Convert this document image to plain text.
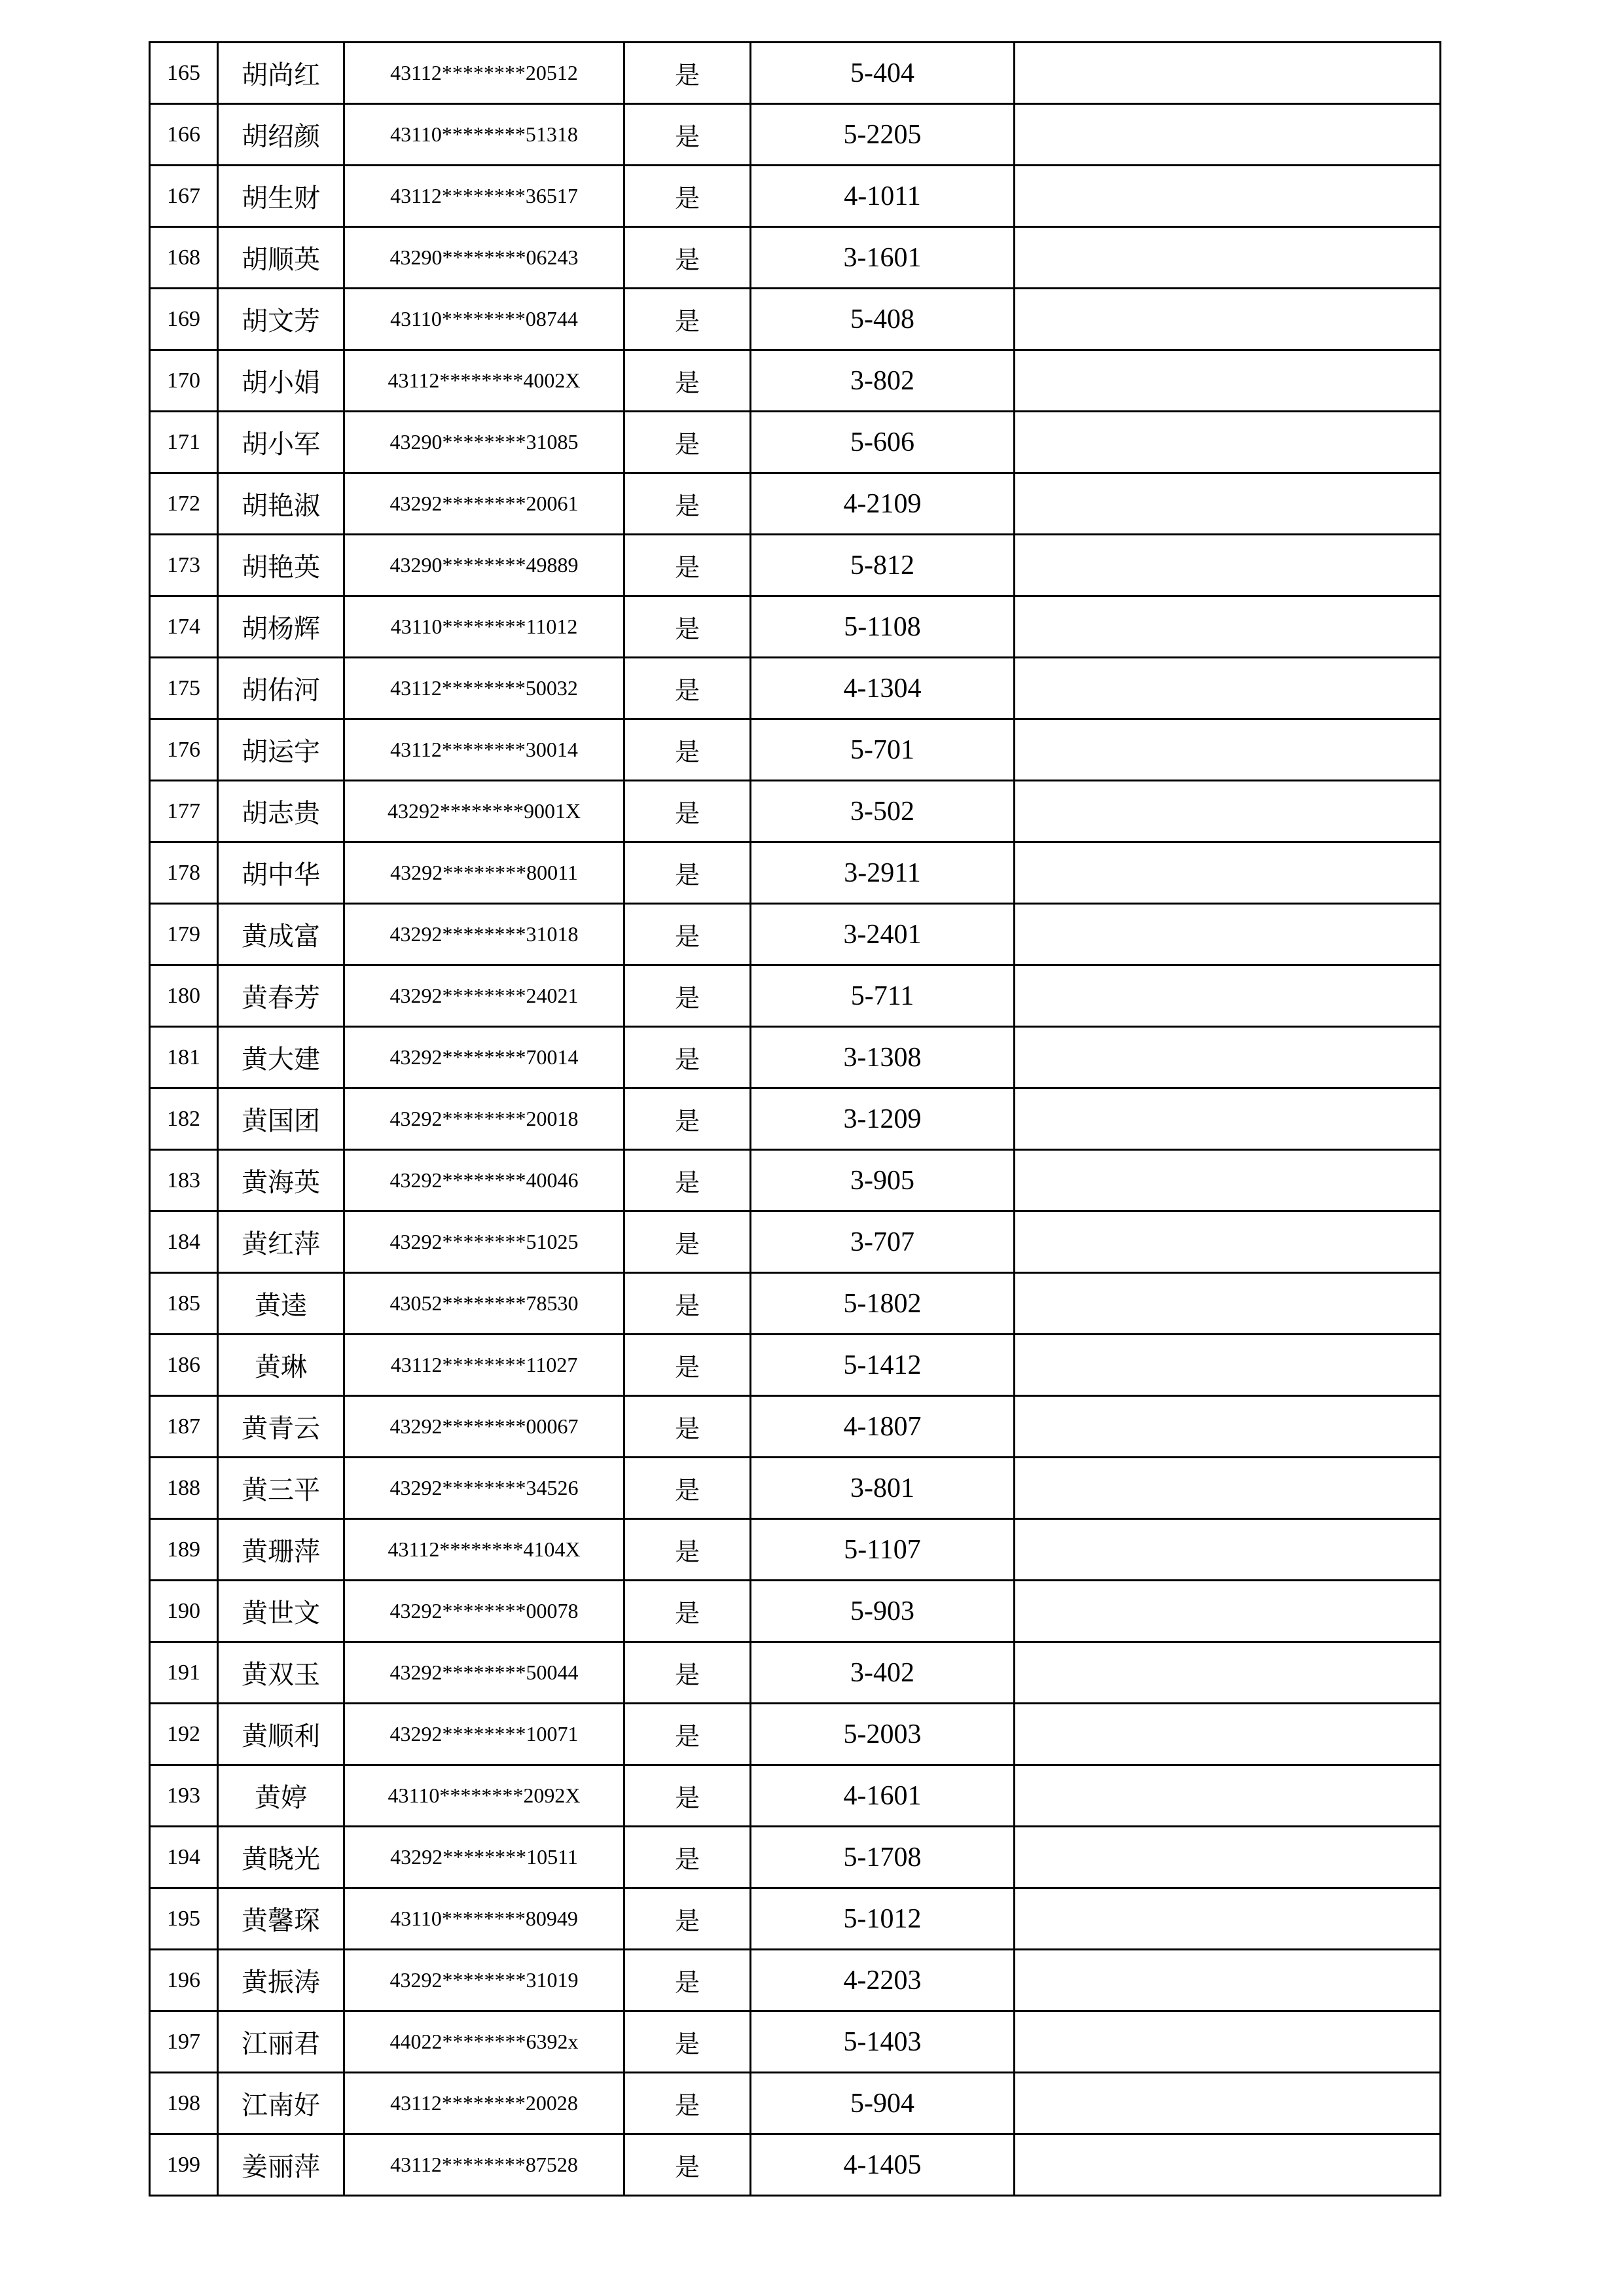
165	胡尚红	43112********20512	是	5-404	
166	胡绍颜	43110********51318	是	5-2205	
167	胡生财	43112********36517	是	4-1011	
168	胡顺英	43290********06243	是	3-1601	
169	胡文芳	43110********08744	是	5-408	
170	胡小娟	43112********4002X	是	3-802	
171	胡小军	43290********31085	是	5-606	
172	胡艳淑	43292********20061	是	4-2109	
173	胡艳英	43290********49889	是	5-812	
174	胡杨辉	43110********11012	是	5-1108	
175	胡佑河	43112********50032	是	4-1304	
176	胡运宇	43112********30014	是	5-701	
177	胡志贵	43292********9001X	是	3-502	
178	胡中华	43292********80011	是	3-2911	
179	黄成富	43292********31018	是	3-2401	
180	黄春芳	43292********24021	是	5-711	
181	黄大建	43292********70014	是	3-1308	
182	黄国团	43292********20018	是	3-1209	
183	黄海英	43292********40046	是	3-905	
184	黄红萍	43292********51025	是	3-707	
185	黄逵	43052********78530	是	5-1802	
186	黄琳	43112********11027	是	5-1412	
187	黄青云	43292********00067	是	4-1807	
188	黄三平	43292********34526	是	3-801	
189	黄珊萍	43112********4104X	是	5-1107	
190	黄世文	43292********00078	是	5-903	
191	黄双玉	43292********50044	是	3-402	
192	黄顺利	43292********10071	是	5-2003	
193	黄婷	43110********2092X	是	4-1601	
194	黄晓光	43292********10511	是	5-1708	
195	黄馨琛	43110********80949	是	5-1012	
196	黄振涛	43292********31019	是	4-2203	
197	江丽君	44022********6392x	是	5-1403	
198	江南好	43112********20028	是	5-904	
199	姜丽萍	43112********87528	是	4-1405	
